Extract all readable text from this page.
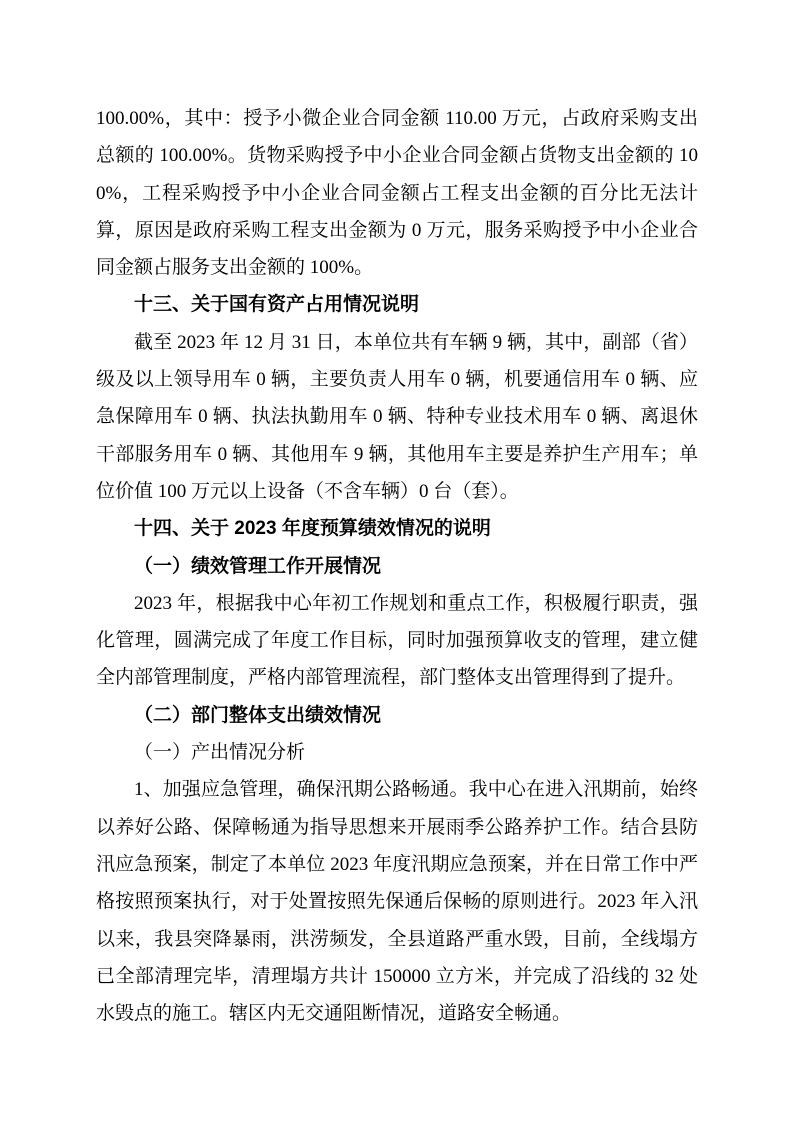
100.00%，其中：授予小微企业合同金额 110.00 万元，占政府采购支出总额的 100.00%。货物采购授予中小企业合同金额占货物支出金额的 100%，工程采购授予中小企业合同金额占工程支出金额的百分比无法计算，原因是政府采购工程支出金额为 0 万元，服务采购授予中小企业合同金额占服务支出金额的 100%。

十三、关于国有资产占用情况说明

截至 2023 年 12 月 31 日，本单位共有车辆 9 辆，其中，副部（省）级及以上领导用车 0 辆，主要负责人用车 0 辆，机要通信用车 0 辆、应急保障用车 0 辆、执法执勤用车 0 辆、特种专业技术用车 0 辆、离退休干部服务用车 0 辆、其他用车 9 辆，其他用车主要是养护生产用车；单位价值 100 万元以上设备（不含车辆）0 台（套）。

十四、关于 2023 年度预算绩效情况的说明

（一）绩效管理工作开展情况

2023 年，根据我中心年初工作规划和重点工作，积极履行职责，强化管理，圆满完成了年度工作目标，同时加强预算收支的管理，建立健全内部管理制度，严格内部管理流程，部门整体支出管理得到了提升。

（二）部门整体支出绩效情况

（一）产出情况分析

1、加强应急管理，确保汛期公路畅通。我中心在进入汛期前，始终以养好公路、保障畅通为指导思想来开展雨季公路养护工作。结合县防汛应急预案，制定了本单位 2023 年度汛期应急预案，并在日常工作中严格按照预案执行，对于处置按照先保通后保畅的原则进行。2023 年入汛以来，我县突降暴雨，洪涝频发，全县道路严重水毁，目前，全线塌方已全部清理完毕，清理塌方共计 150000 立方米，并完成了沿线的 32 处水毁点的施工。辖区内无交通阻断情况，道路安全畅通。
